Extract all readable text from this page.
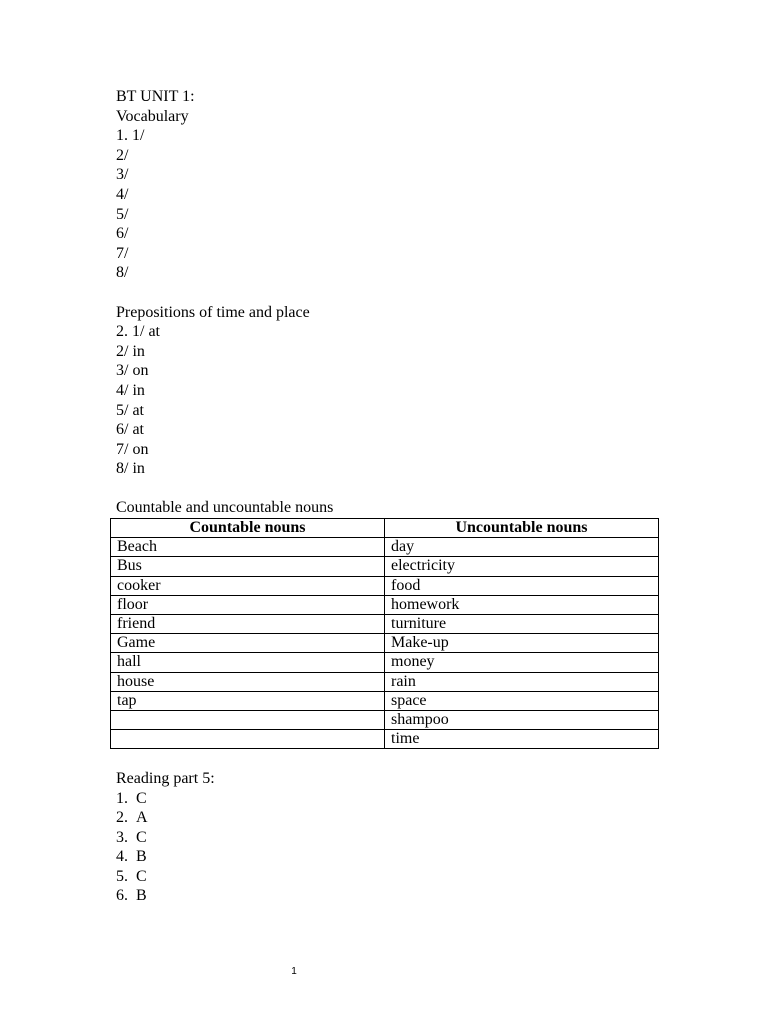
BT UNIT 1:
Vocabulary
1. 1/
2/
3/
4/
5/
6/
7/
8/
Prepositions of time and place
2. 1/ at
2/ in
3/ on
4/ in
5/ at
6/ at
7/ on
8/ in
Countable and uncountable nouns
Countable nouns	Uncountable nouns
Beach	day
Bus	electricity
cooker	food
floor	homework
friend	turniture
Game	Make-up
hall	money
house	rain
tap	space
	shampoo
	time
Reading part 5:
1. C
2. A
3. C
4. B
5. C
6. B
1
